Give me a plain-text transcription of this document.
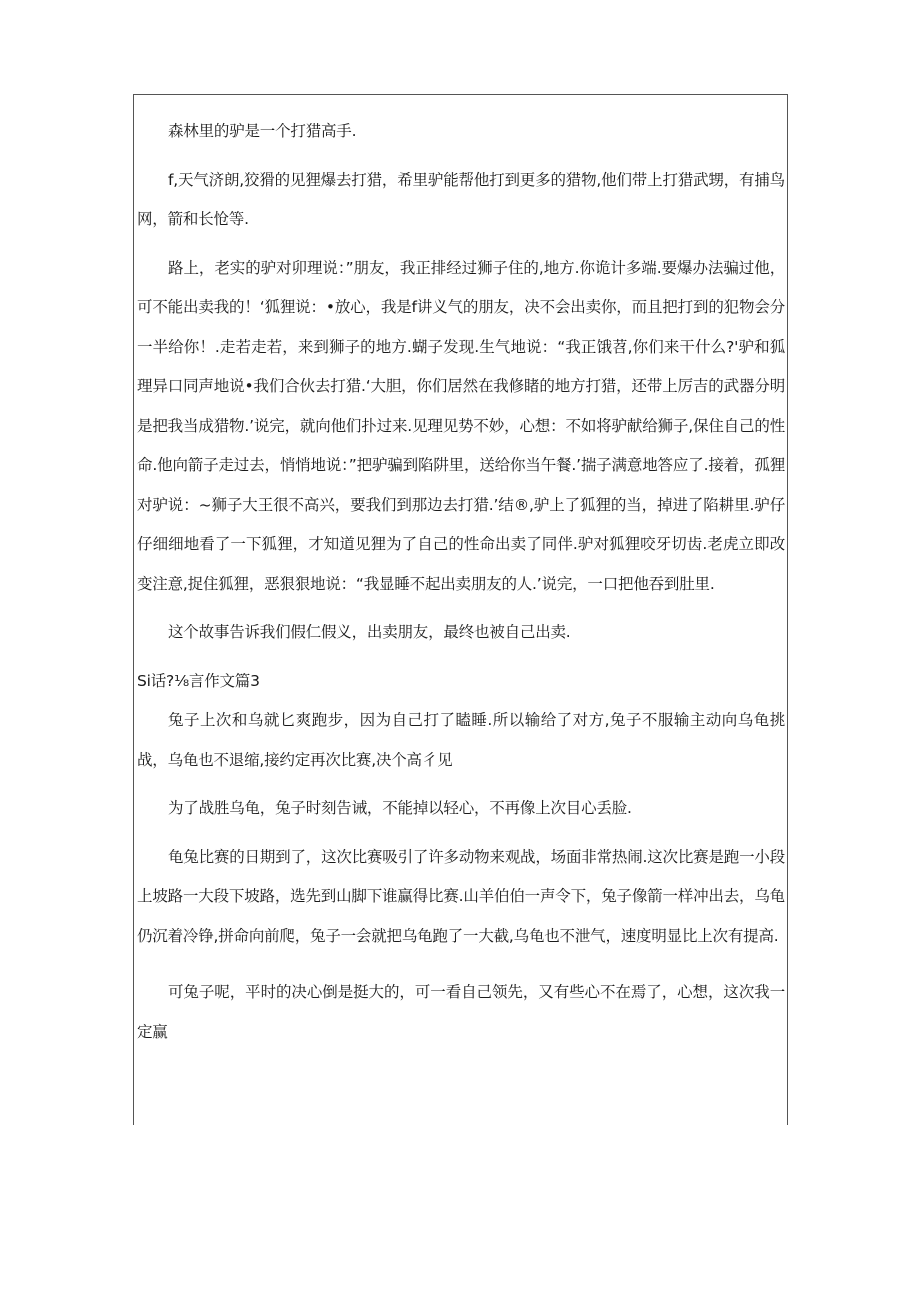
森林里的驴是一个打猎高手.

f,天气济朗,狡猾的见狸爆去打猎，希里驴能帮他打到更多的猎物,他们带上打猎武甥，有捕鸟网，箭和长怆等.

路上，老实的驴对卯理说：”朋友，我正排经过狮子住的,地方.你诡计多端.要爆办法骗过他，可不能出卖我的！‘狐狸说：•放心，我是f讲义气的朋友，决不会出卖你，而且把打到的犯物会分一半给你！.走若走若，来到狮子的地方.蝴子发现.生气地说：“我正饿苕,你们来干什么?'驴和狐理异口同声地说•我们合伙去打猎.‘大胆，你们居然在我修睹的地方打猎，还带上厉吉的武器分明是把我当成猎物.’说完，就向他们扑过来.见理见势不妙，心想：不如将驴献给狮子,保住自己的性命.他向箭子走过去，悄悄地说：”把驴骗到陷阱里，送给你当午餐.’揣子满意地答应了.接着，孤狸对驴说：~狮子大王很不高兴，要我们到那边去打猎.’结®,驴上了狐狸的当，掉进了陷耕里.驴仔仔细细地看了一下狐狸，才知道见狸为了自己的性命出卖了同伴.驴对狐狸咬牙切齿.老虎立即改变注意,捉住狐狸，恶狠狠地说：“我显睡不起出卖朋友的人.’说完，一口把他吞到肚里.

这个故事告诉我们假仁假义，出卖朋友，最终也被自己出卖.

Si话?⅛言作文篇3

兔子上次和乌就匕爽跑步，因为自己打了瞌睡.所以输给了对方,兔子不服输主动向乌龟挑战，乌龟也不退缩,接约定再次比赛,决个高彳见

为了战胜乌龟，兔子时刻告诫，不能掉以轻心，不再像上次目心丢脸.

龟兔比赛的日期到了，这次比赛吸引了许多动物来观战，场面非常热闹.这次比赛是跑一小段上坡路一大段下坡路，选先到山脚下谁赢得比赛.山羊伯伯一声令下，兔子像箭一样冲出去，乌龟仍沉着冷铮,拼命向前爬，兔子一会就把乌龟跑了一大截,乌龟也不泄气，速度明显比上次有提高.

可兔子呢，平时的决心倒是挺大的，可一看自己领先，又有些心不在焉了，心想，这次我一定赢
